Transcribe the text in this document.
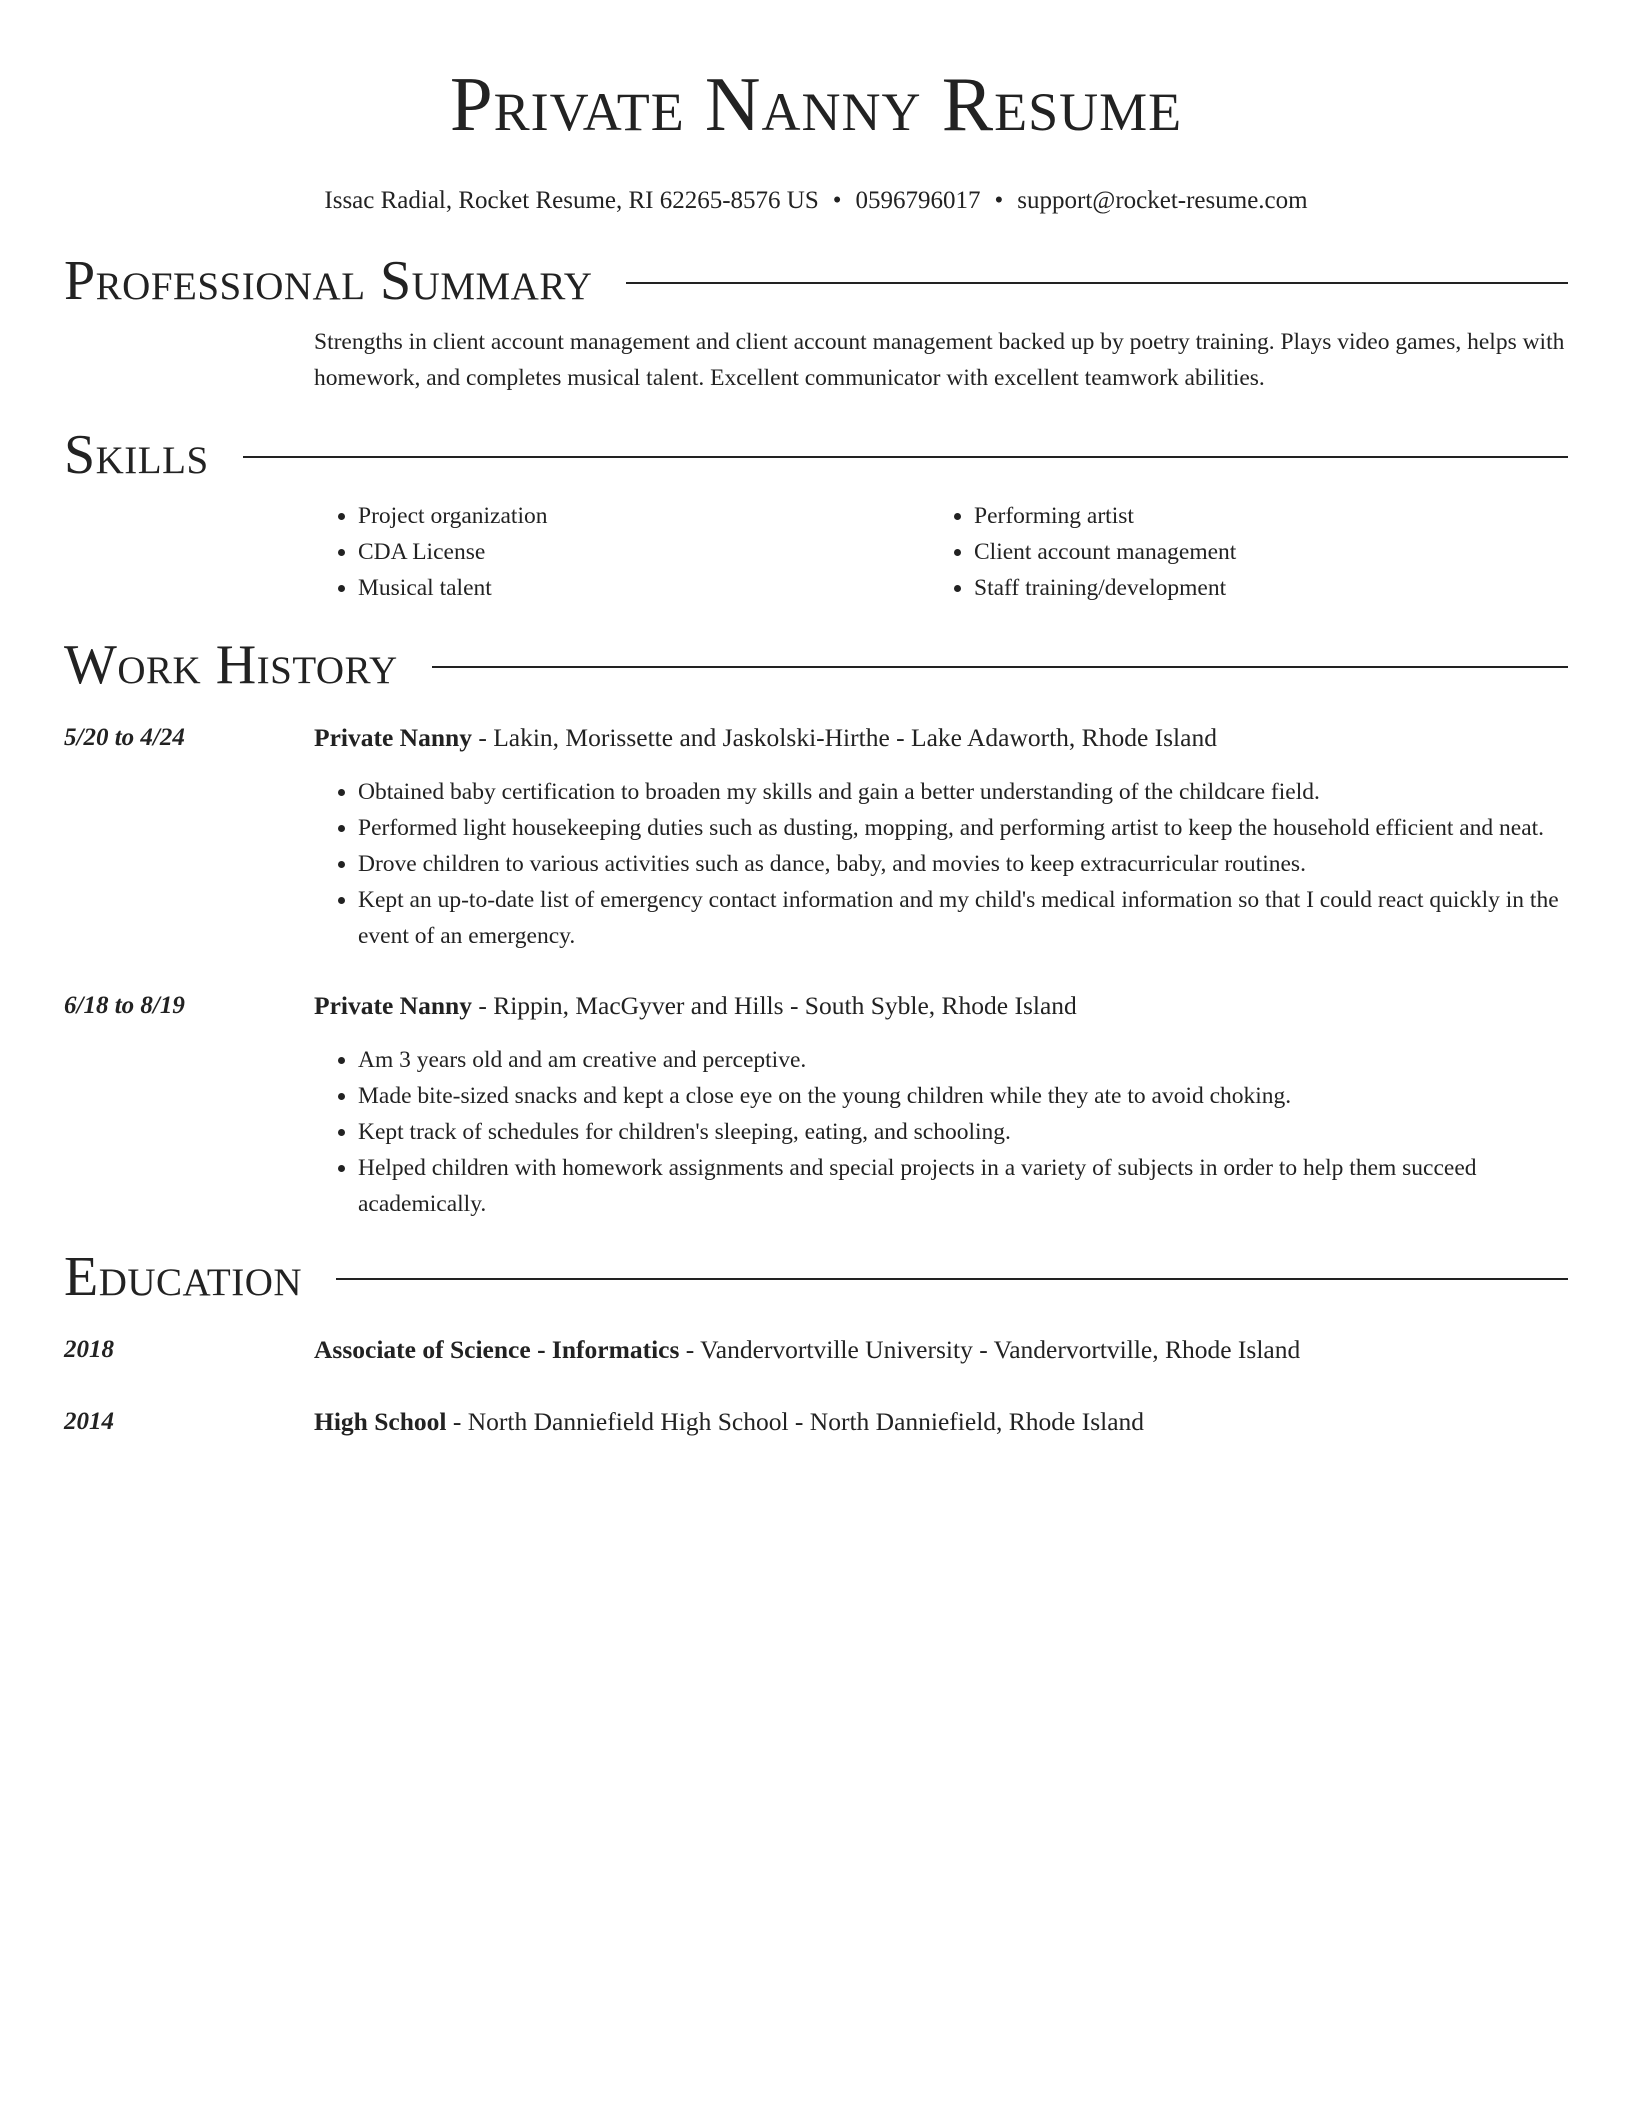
Private Nanny Resume
Issac Radial, Rocket Resume, RI 62265-8576 US • 0596796017 • support@rocket-resume.com
Professional Summary

Strengths in client account management and client account management backed up by poetry training. Plays video games, helps with homework, and completes musical talent. Excellent communicator with excellent teamwork abilities.

Skills
• Project organization
• CDA License
• Musical talent
• Performing artist
• Client account management
• Staff training/development
Work History
5/20 to 4/24	Private Nanny - Lakin, Morissette and Jaskolski-Hirthe - Lake Adaworth, Rhode Island
• Obtained baby certification to broaden my skills and gain a better understanding of the childcare field.
• Performed light housekeeping duties such as dusting, mopping, and performing artist to keep the household efficient and neat.
• Drove children to various activities such as dance, baby, and movies to keep extracurricular routines.
• Kept an up-to-date list of emergency contact information and my child's medical information so that I could react quickly in the event of an emergency.
6/18 to 8/19	Private Nanny - Rippin, MacGyver and Hills - South Syble, Rhode Island
• Am 3 years old and am creative and perceptive.
• Made bite-sized snacks and kept a close eye on the young children while they ate to avoid choking.
• Kept track of schedules for children's sleeping, eating, and schooling.
• Helped children with homework assignments and special projects in a variety of subjects in order to help them succeed academically.
Education
2018	Associate of Science - Informatics - Vandervortville University - Vandervortville, Rhode Island
2014	High School - North Danniefield High School - North Danniefield, Rhode Island
